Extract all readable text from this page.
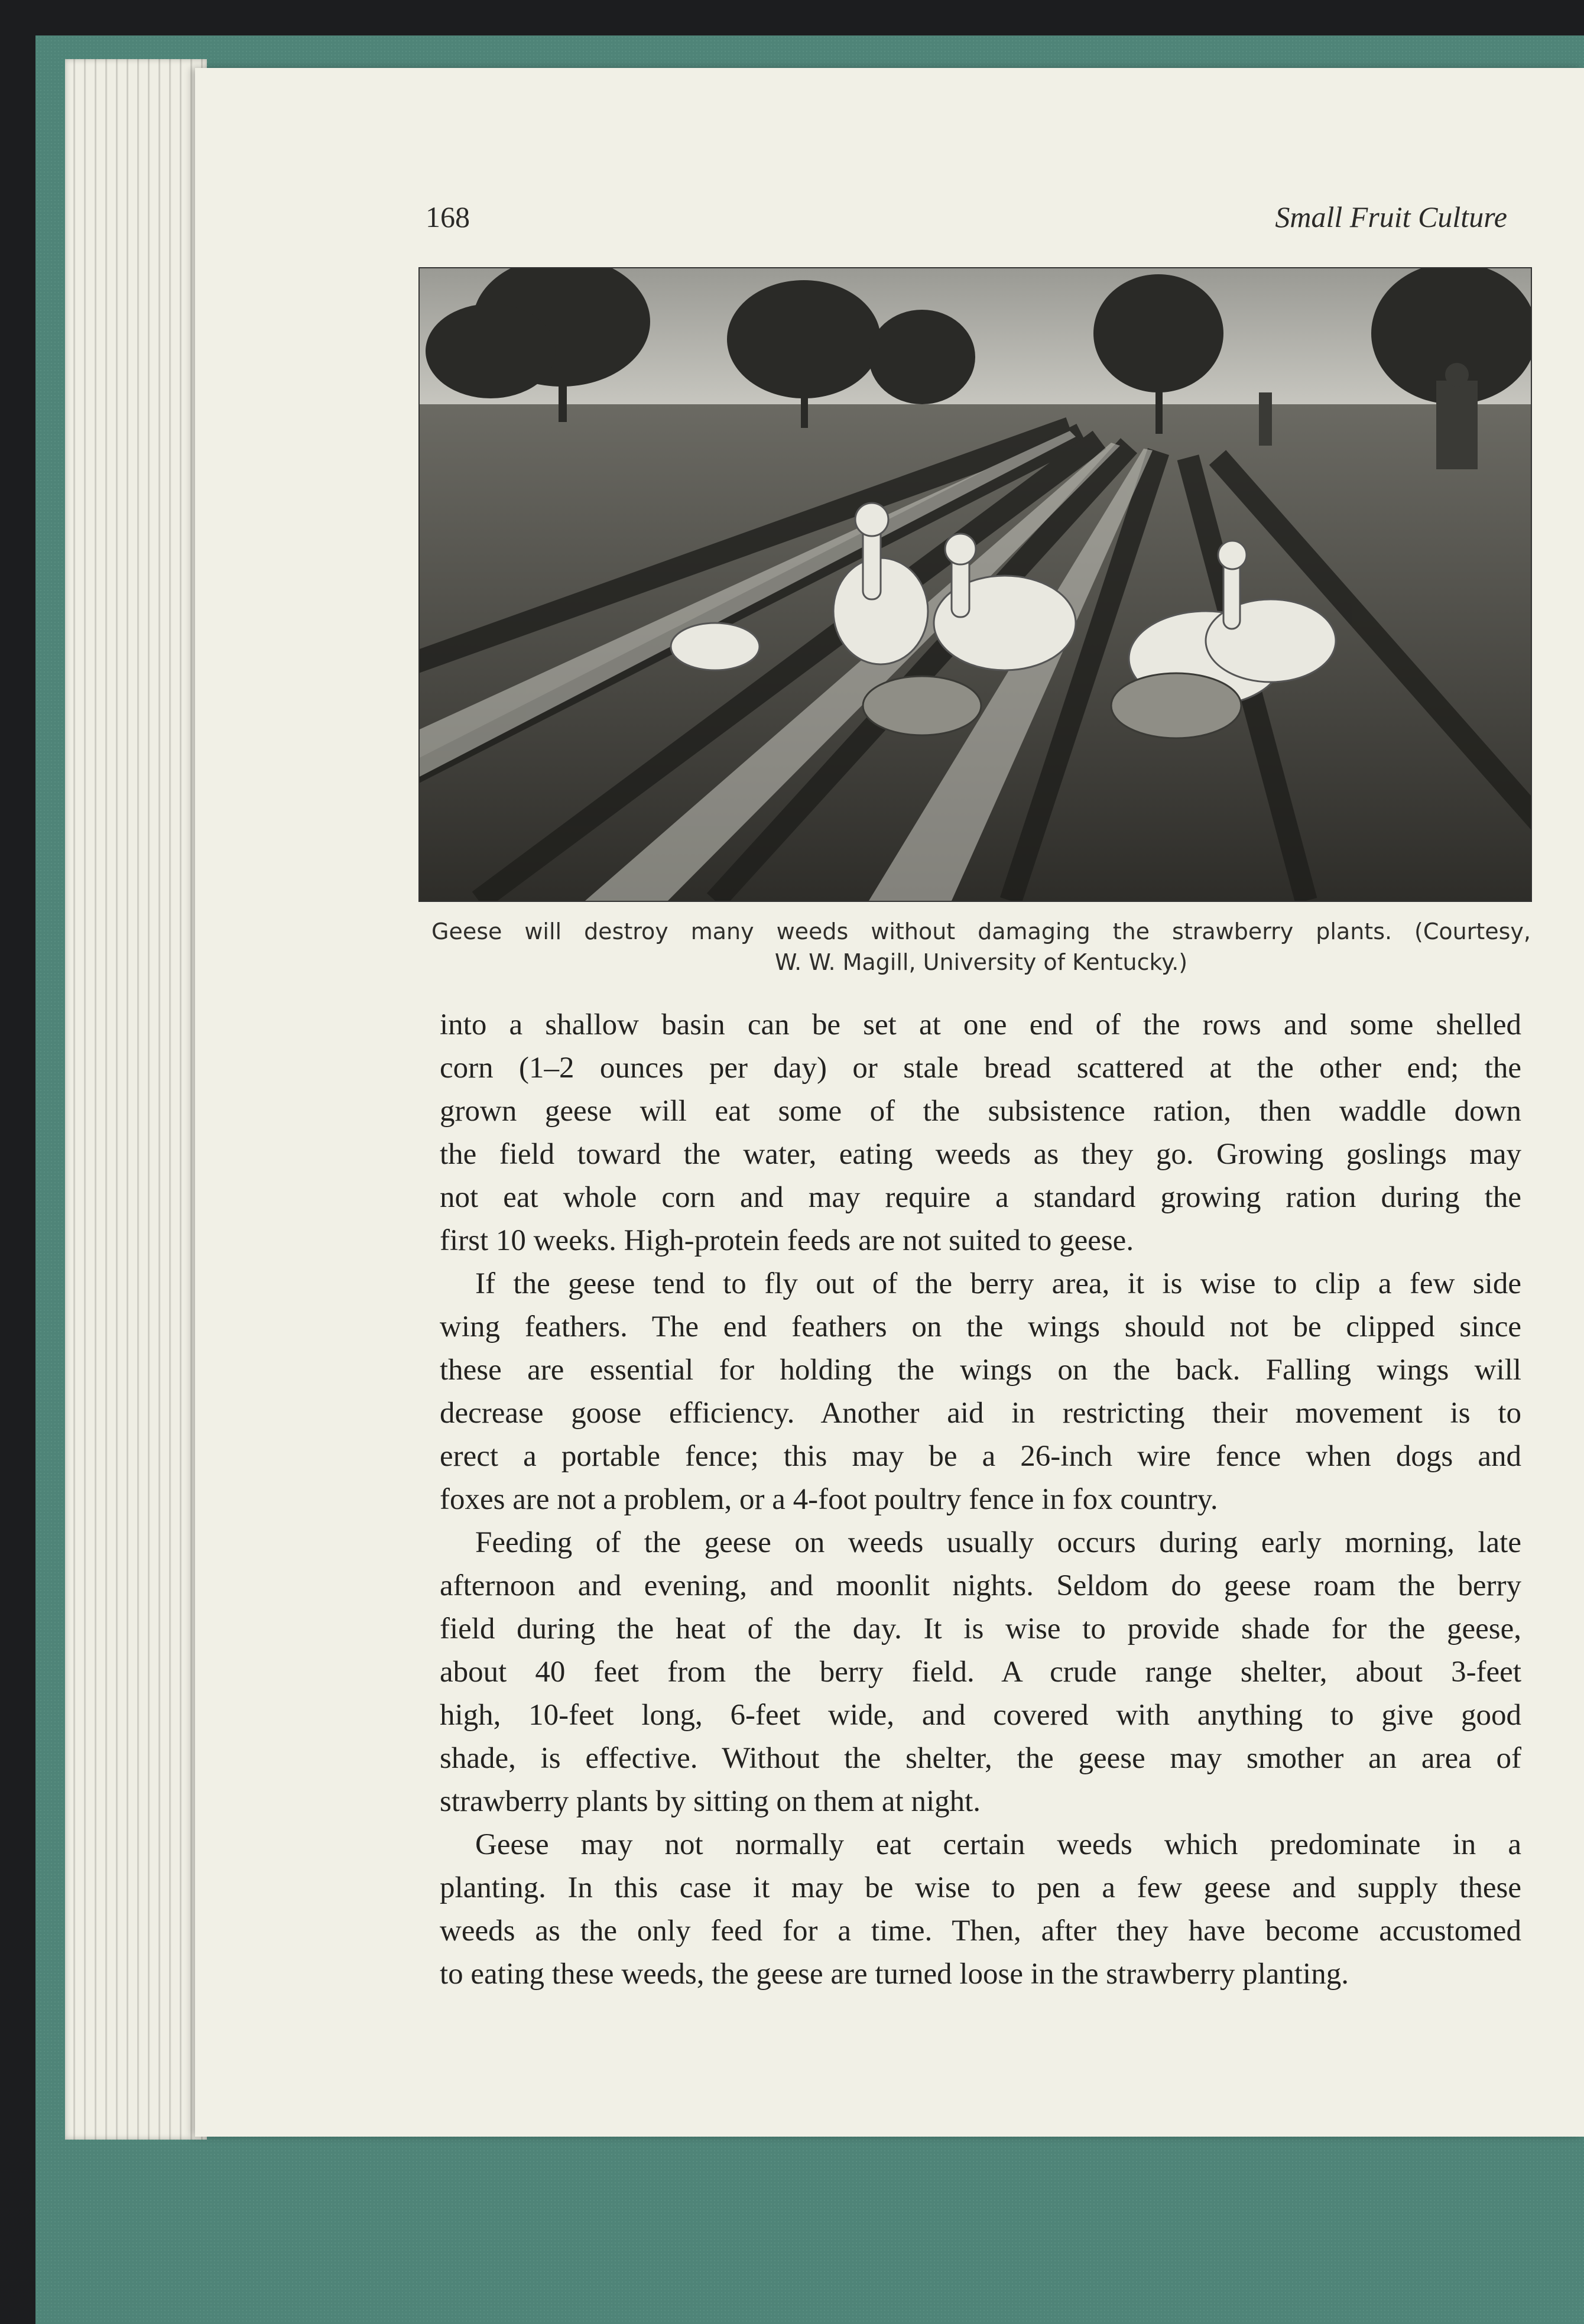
168	Small Fruit Culture
Geese will destroy many weeds without damaging the strawberry plants. (Courtesy,
W. W. Magill, University of Kentucky.)

into a shallow basin can be set at one end of the rows and some shelled
corn (1–2 ounces per day) or stale bread scattered at the other end; the
grown geese will eat some of the subsistence ration, then waddle down
the field toward the water, eating weeds as they go. Growing goslings may
not eat whole corn and may require a standard growing ration during the
first 10 weeks. High-protein feeds are not suited to geese.

If the geese tend to fly out of the berry area, it is wise to clip a few side
wing feathers. The end feathers on the wings should not be clipped since
these are essential for holding the wings on the back. Falling wings will
decrease goose efficiency. Another aid in restricting their movement is to
erect a portable fence; this may be a 26-inch wire fence when dogs and
foxes are not a problem, or a 4-foot poultry fence in fox country.

Feeding of the geese on weeds usually occurs during early morning, late
afternoon and evening, and moonlit nights. Seldom do geese roam the berry
field during the heat of the day. It is wise to provide shade for the geese,
about 40 feet from the berry field. A crude range shelter, about 3-feet
high, 10-feet long, 6-feet wide, and covered with anything to give good
shade, is effective. Without the shelter, the geese may smother an area of
strawberry plants by sitting on them at night.

Geese may not normally eat certain weeds which predominate in a
planting. In this case it may be wise to pen a few geese and supply these
weeds as the only feed for a time. Then, after they have become accustomed
to eating these weeds, the geese are turned loose in the strawberry planting.
